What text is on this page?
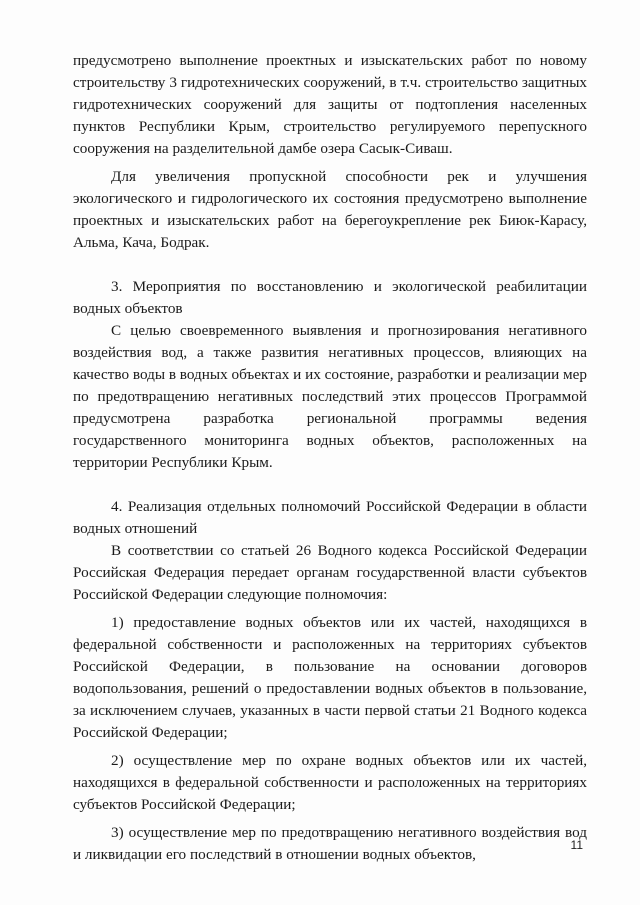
предусмотрено выполнение проектных и изыскательских работ по новому строительству 3 гидротехнических сооружений, в т.ч. строительство защитных гидротехнических сооружений для защиты от подтопления населенных пунктов Республики Крым, строительство регулируемого перепускного сооружения на разделительной дамбе озера Сасык-Сиваш.

Для увеличения пропускной способности рек и улучшения экологического и гидрологического их состояния предусмотрено выполнение проектных и изыскательских работ на берегоукрепление рек Биюк-Карасу, Альма, Кача, Бодрак.

3. Мероприятия по восстановлению и экологической реабилитации водных объектов

С целью своевременного выявления и прогнозирования негативного воздействия вод, а также развития негативных процессов, влияющих на качество воды в водных объектах и их состояние, разработки и реализации мер по предотвращению негативных последствий этих процессов Программой предусмотрена разработка региональной программы ведения государственного мониторинга водных объектов, расположенных на территории Республики Крым.

4. Реализация отдельных полномочий Российской Федерации в области водных отношений

В соответствии со статьей 26 Водного кодекса Российской Федерации Российская Федерация передает органам государственной власти субъектов Российской Федерации следующие полномочия:

1) предоставление водных объектов или их частей, находящихся в федеральной собственности и расположенных на территориях субъектов Российской Федерации, в пользование на основании договоров водопользования, решений о предоставлении водных объектов в пользование, за исключением случаев, указанных в части первой статьи 21 Водного кодекса Российской Федерации;

2) осуществление мер по охране водных объектов или их частей, находящихся в федеральной собственности и расположенных на территориях субъектов Российской Федерации;

3) осуществление мер по предотвращению негативного воздействия вод и ликвидации его последствий в отношении водных объектов,

11
